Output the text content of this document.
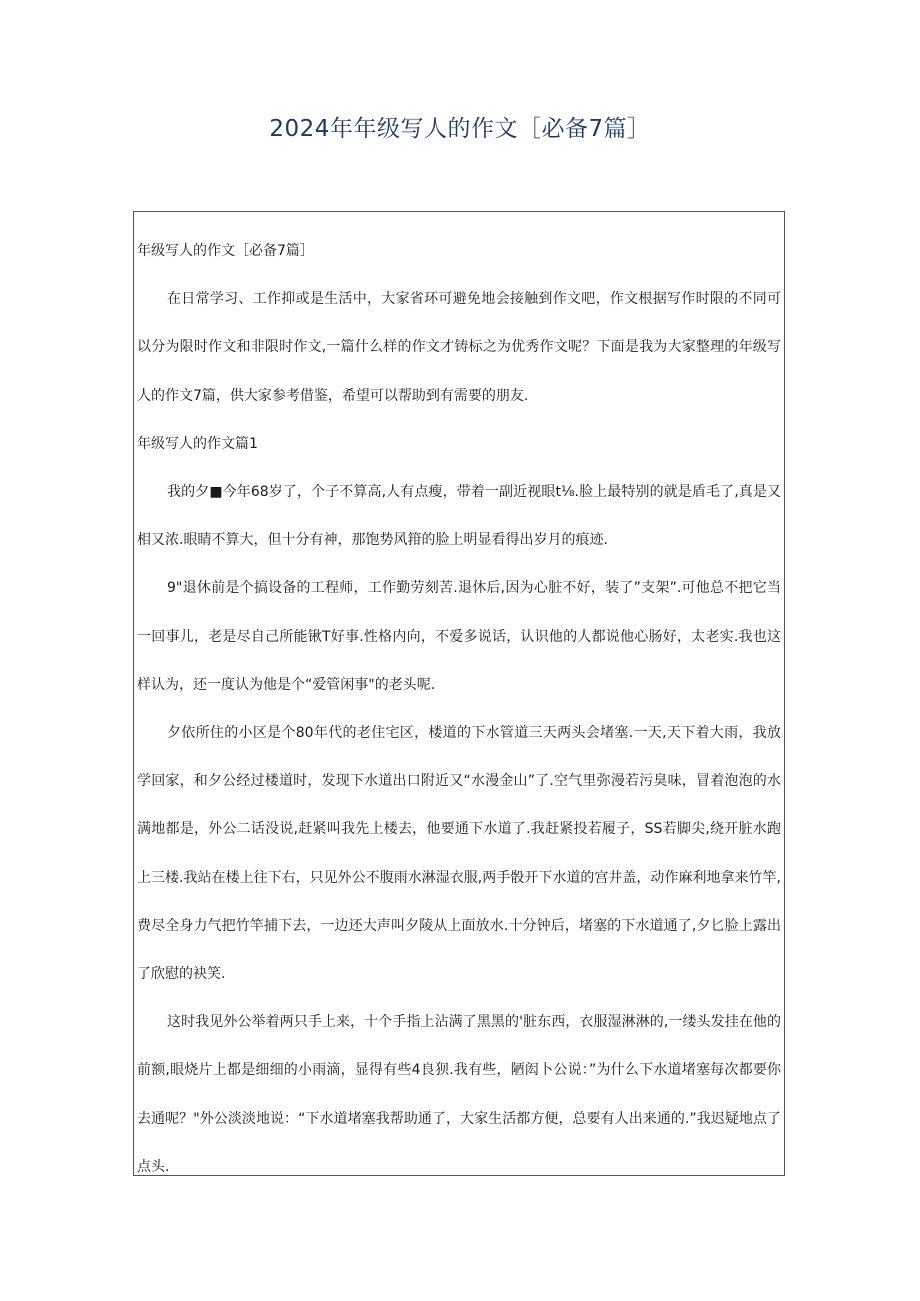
2024年年级写人的作文［必备7篇］

年级写人的作文［必备7篇］

在日常学习、工作抑或是生活中，大家省环可避免地会接触到作文吧，作文根据写作时限的不同可以分为限时作文和非限时作文,一篇什么样的作文才铸标之为优秀作文呢？下面是我为大家整理的年级写人的作文7篇，供大家参考借鉴，希望可以帮助到有需要的朋友.

年级写人的作文篇1

我的夕■今年68岁了，个子不算高,人有点瘦，带着一副近视眼t⅛.脸上最特别的就是盾毛了,真是又相又浓.眼睛不算大，但十分有神，那饱势风箝的脸上明显看得出岁月的痕迹.

9"退休前是个搞设备的工程师，工作勤劳刻苦.退休后,因为心脏不好，装了”支架”.可他总不把它当一回事儿，老是尽自己所能锹T好事.性格内向，不爱多说话，认识他的人都说他心肠好，太老实.我也这样认为，还一度认为他是个“爱管闲事"的老头呢.

夕依所住的小区是个80年代的老住宅区，楼道的下水管道三天两头会堵塞.一天,天下着大雨，我放学回家，和夕公经过楼道时，发现下水道出口附近又“水漫金山”了.空气里弥漫若污臭味，冒着泡泡的水满地都是，外公二话没说,赶紧叫我先上楼去，他要通下水道了.我赶紧投若履子，SS若脚尖,绕开脏水跑上三楼.我站在楼上往下右，只见外公不腹雨水淋湿衣服,两手骰开下水道的宫井盖，动作麻利地拿来竹竿,费尽全身力气把竹竿捕下去，一边还大声叫夕陵从上面放水.十分钟后，堵塞的下水道通了,夕匕脸上露出了欣慰的袂笑.

这时我见外公举着两只手上来，十个手指上沾满了黑黑的'脏东西，衣服湿淋淋的,一缕头发挂在他的前额,眼烧片上都是细细的小雨滴，显得有些4良狈.我有些，陋闳卜公说：”为什么下水道堵塞每次都要你去通呢？"外公淡淡地说：“下水道堵塞我帮助通了，大家生活都方便，总要有人出来通的.”我迟疑地点了点头.
